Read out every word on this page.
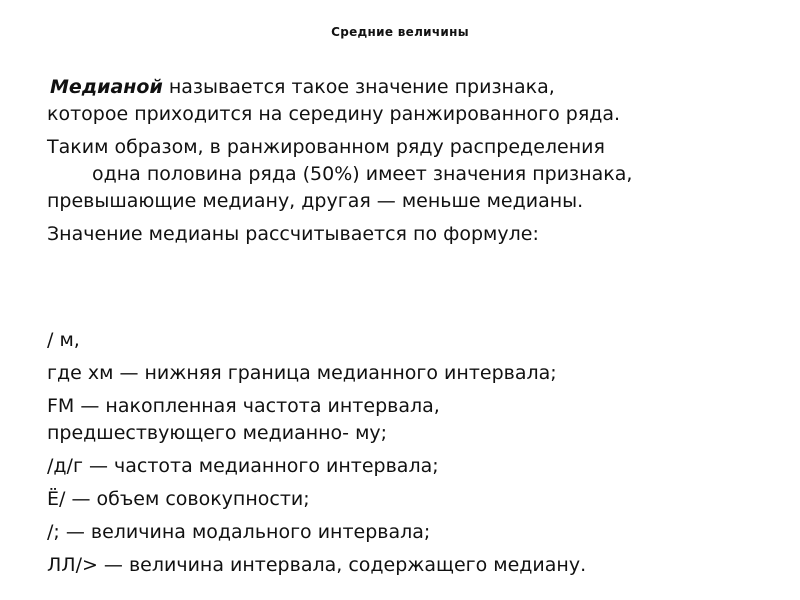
Средние величины
Медианой называется такое значение признака,
которое приходится на середину ранжированного ряда.
Таким образом, в ранжированном ряду распределения
одна половина ряда (50%) имеет значения признака,
превышающие медиану, другая — меньше медианы.
Значение медианы рассчитывается по формуле:
/ м,
где хм — нижняя граница медианного интервала;
FM — накопленная частота интервала,
предшествующего медианно- му;
/д/г — частота медианного интервала;
Ё/ — объем совокупности;
/; — величина модального интервала;
ЛЛ/> — величина интервала, содержащего медиану.
